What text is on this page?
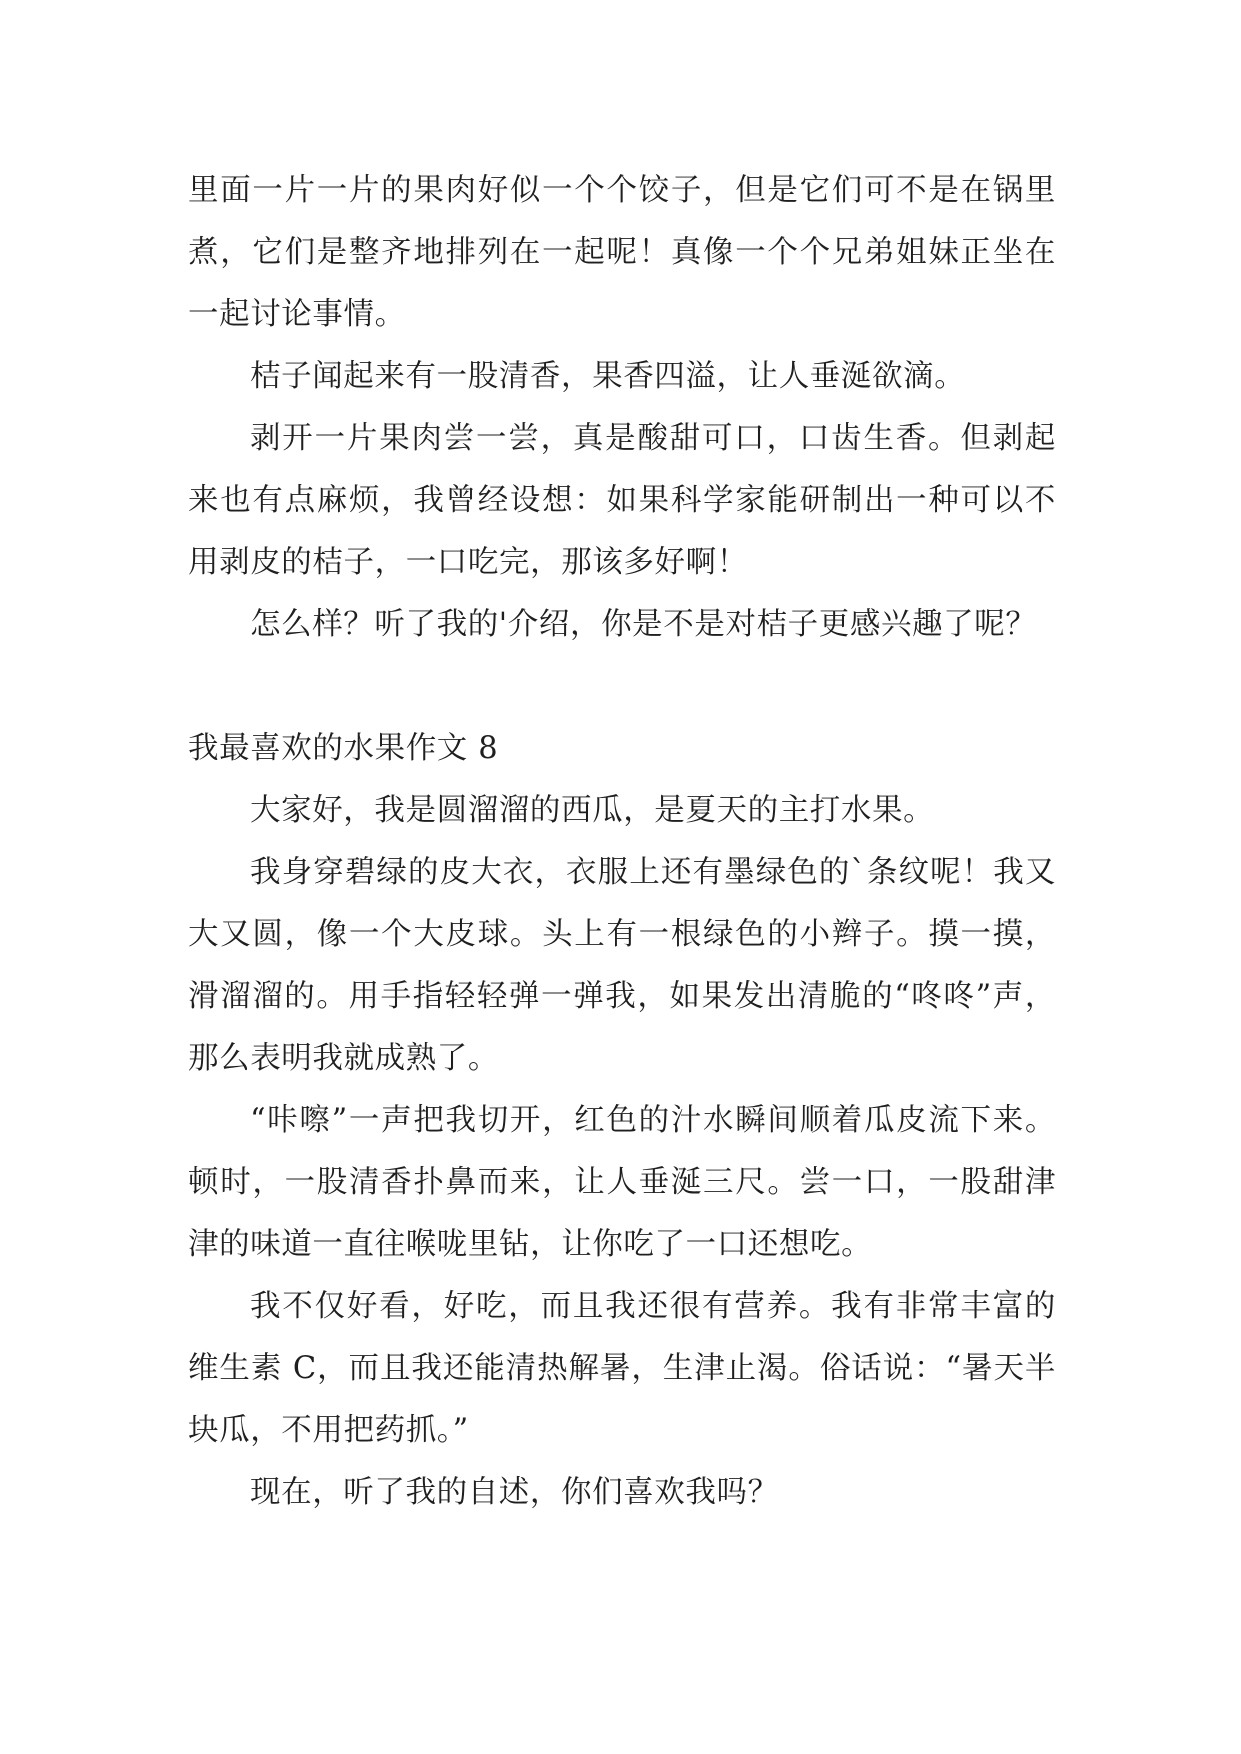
里面一片一片的果肉好似一个个饺子，但是它们可不是在锅里煮，它们是整齐地排列在一起呢！真像一个个兄弟姐妹正坐在一起讨论事情。

桔子闻起来有一股清香，果香四溢，让人垂涎欲滴。

剥开一片果肉尝一尝，真是酸甜可口，口齿生香。但剥起来也有点麻烦，我曾经设想：如果科学家能研制出一种可以不用剥皮的桔子，一口吃完，那该多好啊！

怎么样？听了我的'介绍，你是不是对桔子更感兴趣了呢？

我最喜欢的水果作文 8

大家好，我是圆溜溜的西瓜，是夏天的主打水果。

我身穿碧绿的皮大衣，衣服上还有墨绿色的`条纹呢！我又大又圆，像一个大皮球。头上有一根绿色的小辫子。摸一摸，滑溜溜的。用手指轻轻弹一弹我，如果发出清脆的“咚咚”声，那么表明我就成熟了。

“咔嚓”一声把我切开，红色的汁水瞬间顺着瓜皮流下来。顿时，一股清香扑鼻而来，让人垂涎三尺。尝一口，一股甜津津的味道一直往喉咙里钻，让你吃了一口还想吃。

我不仅好看，好吃，而且我还很有营养。我有非常丰富的维生素 C，而且我还能清热解暑，生津止渴。俗话说：“暑天半块瓜，不用把药抓。”

现在，听了我的自述，你们喜欢我吗？
